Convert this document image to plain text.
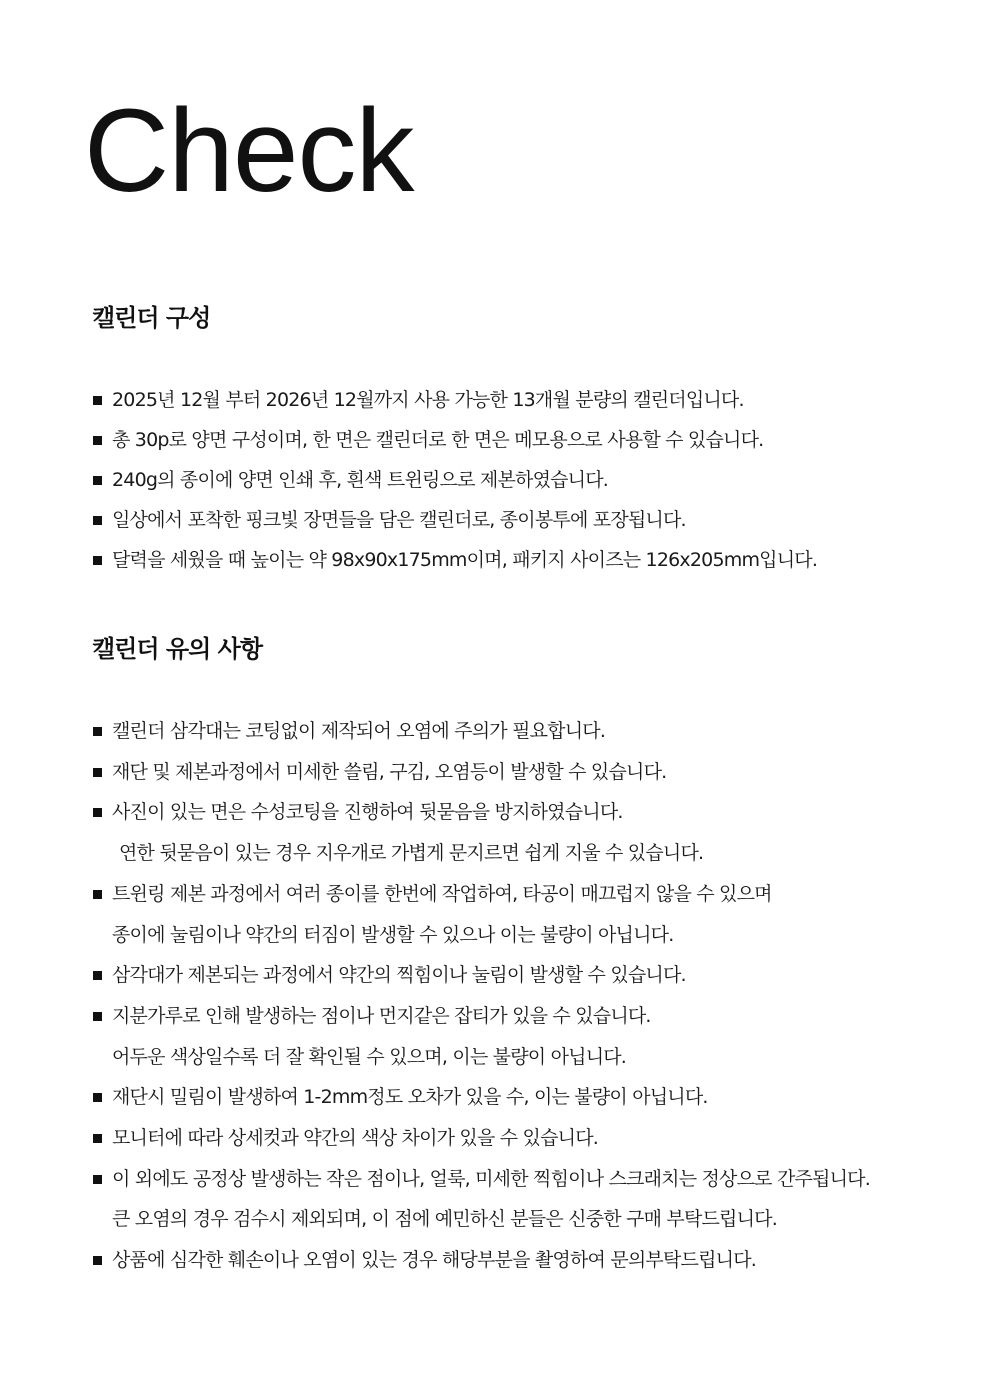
Check
캘린더 구성
2025년 12월 부터 2026년 12월까지 사용 가능한 13개월 분량의 캘린더입니다.
총 30p로 양면 구성이며, 한 면은 캘린더로 한 면은 메모용으로 사용할 수 있습니다.
240g의 종이에 양면 인쇄 후, 흰색 트윈링으로 제본하였습니다.
일상에서 포착한 핑크빛 장면들을 담은 캘린더로, 종이봉투에 포장됩니다.
달력을 세웠을 때 높이는 약 98x90x175mm이며, 패키지 사이즈는 126x205mm입니다.
캘린더 유의 사항
캘린더 삼각대는 코팅없이 제작되어 오염에 주의가 필요합니다.
재단 및 제본과정에서 미세한 쓸림, 구김, 오염등이 발생할 수 있습니다.
사진이 있는 면은 수성코팅을 진행하여 뒷묻음을 방지하였습니다.
연한 뒷묻음이 있는 경우 지우개로 가볍게 문지르면 쉽게 지울 수 있습니다.
트윈링 제본 과정에서 여러 종이를 한번에 작업하여, 타공이 매끄럽지 않을 수 있으며
종이에 눌림이나 약간의 터짐이 발생할 수 있으나 이는 불량이 아닙니다.
삼각대가 제본되는 과정에서 약간의 찍힘이나 눌림이 발생할 수 있습니다.
지분가루로 인해 발생하는 점이나 먼지같은 잡티가 있을 수 있습니다.
어두운 색상일수록 더 잘 확인될 수 있으며, 이는 불량이 아닙니다.
재단시 밀림이 발생하여 1-2mm정도 오차가 있을 수, 이는 불량이 아닙니다.
모니터에 따라 상세컷과 약간의 색상 차이가 있을 수 있습니다.
이 외에도 공정상 발생하는 작은 점이나, 얼룩, 미세한 찍힘이나 스크래치는 정상으로 간주됩니다.
큰 오염의 경우 검수시 제외되며, 이 점에 예민하신 분들은 신중한 구매 부탁드립니다.
상품에 심각한 훼손이나 오염이 있는 경우 해당부분을 촬영하여 문의부탁드립니다.
